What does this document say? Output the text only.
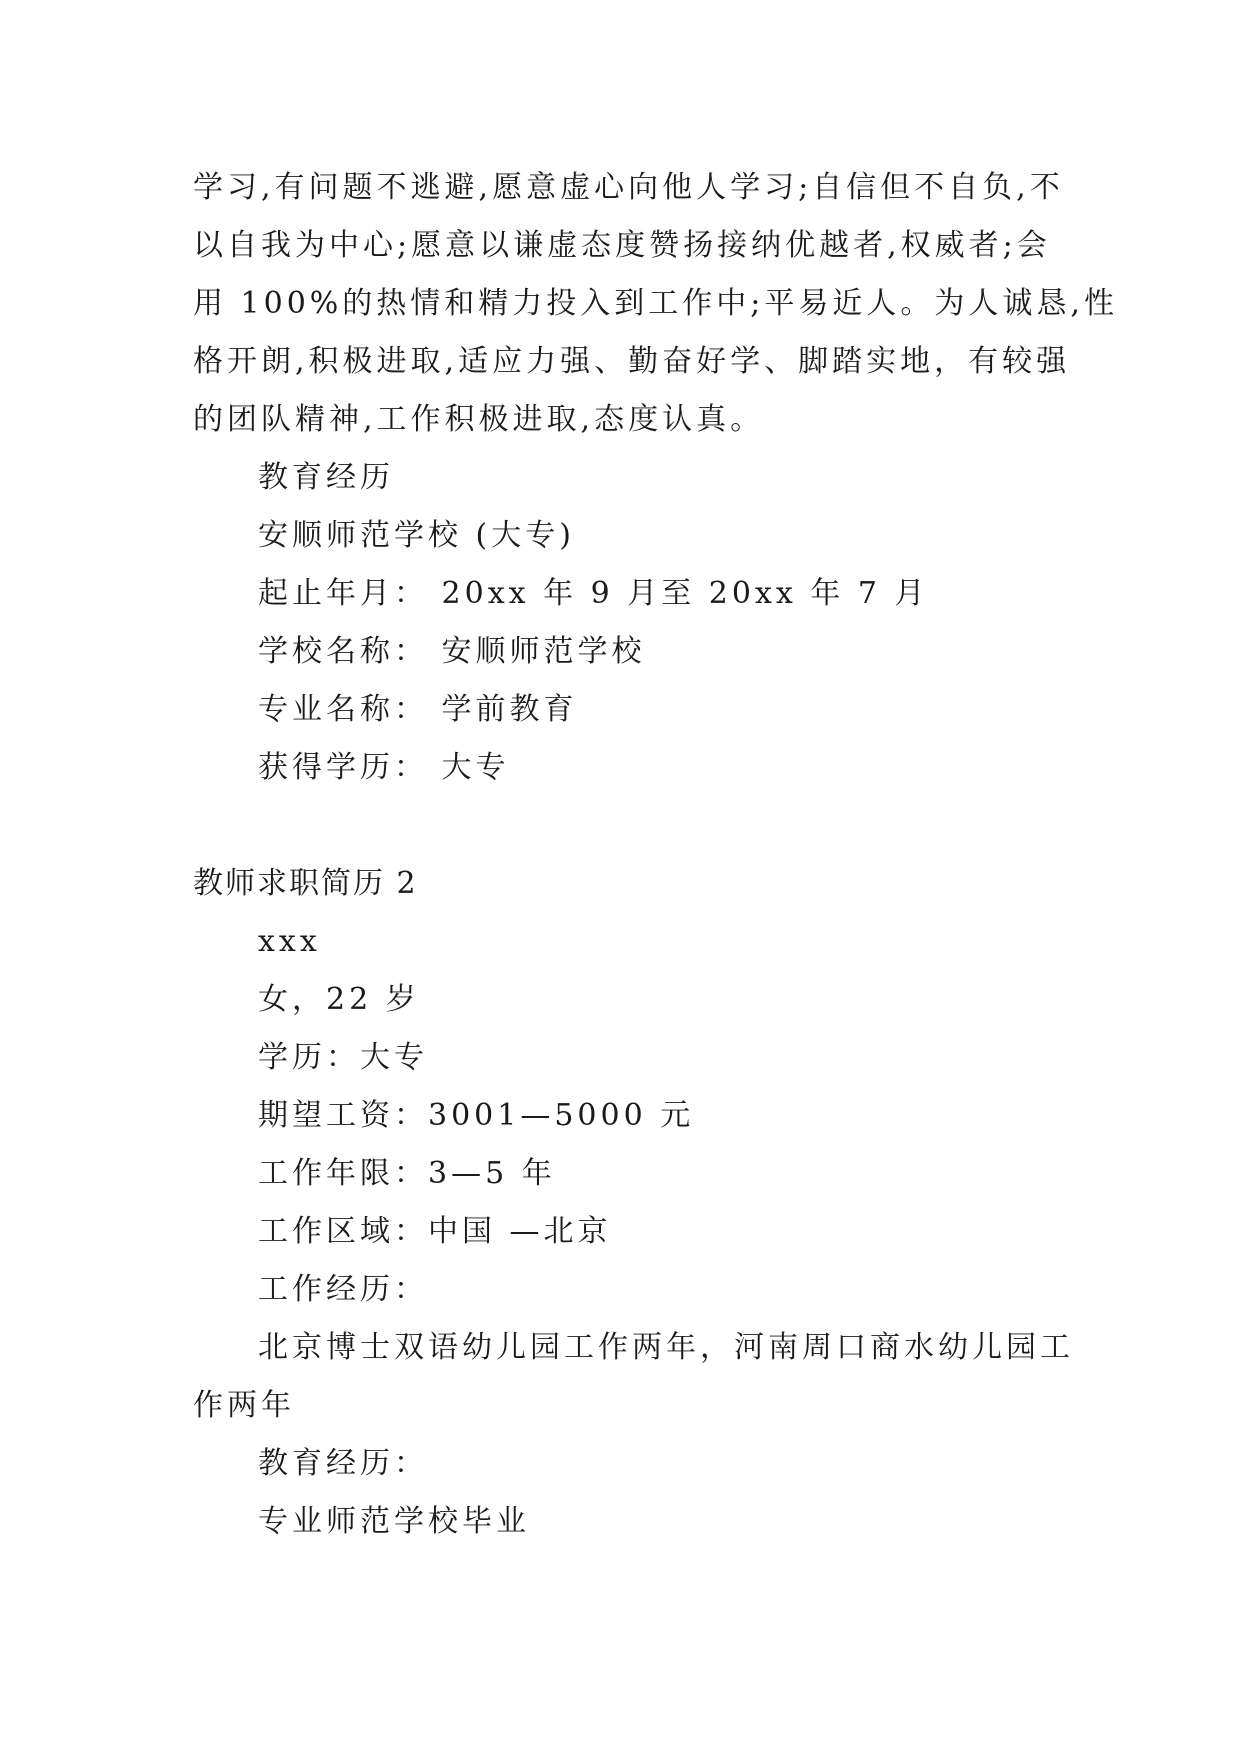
学习,有问题不逃避,愿意虚心向他人学习;自信但不自负,不
以自我为中心;愿意以谦虚态度赞扬接纳优越者,权威者;会
用 100%的热情和精力投入到工作中;平易近人。为人诚恳,性
格开朗,积极进取,适应力强、勤奋好学、脚踏实地，有较强
的团队精神,工作积极进取,态度认真。
教育经历
安顺师范学校 (大专)
起止年月： 20xx 年 9 月至 20xx 年 7 月
学校名称： 安顺师范学校
专业名称： 学前教育
获得学历： 大专
教师求职简历 2
xxx
女，22 岁
学历：大专
期望工资：3001—5000 元
工作年限：3—5 年
工作区域：中国 —北京
工作经历：
北京博士双语幼儿园工作两年，河南周口商水幼儿园工
作两年
教育经历：
专业师范学校毕业
